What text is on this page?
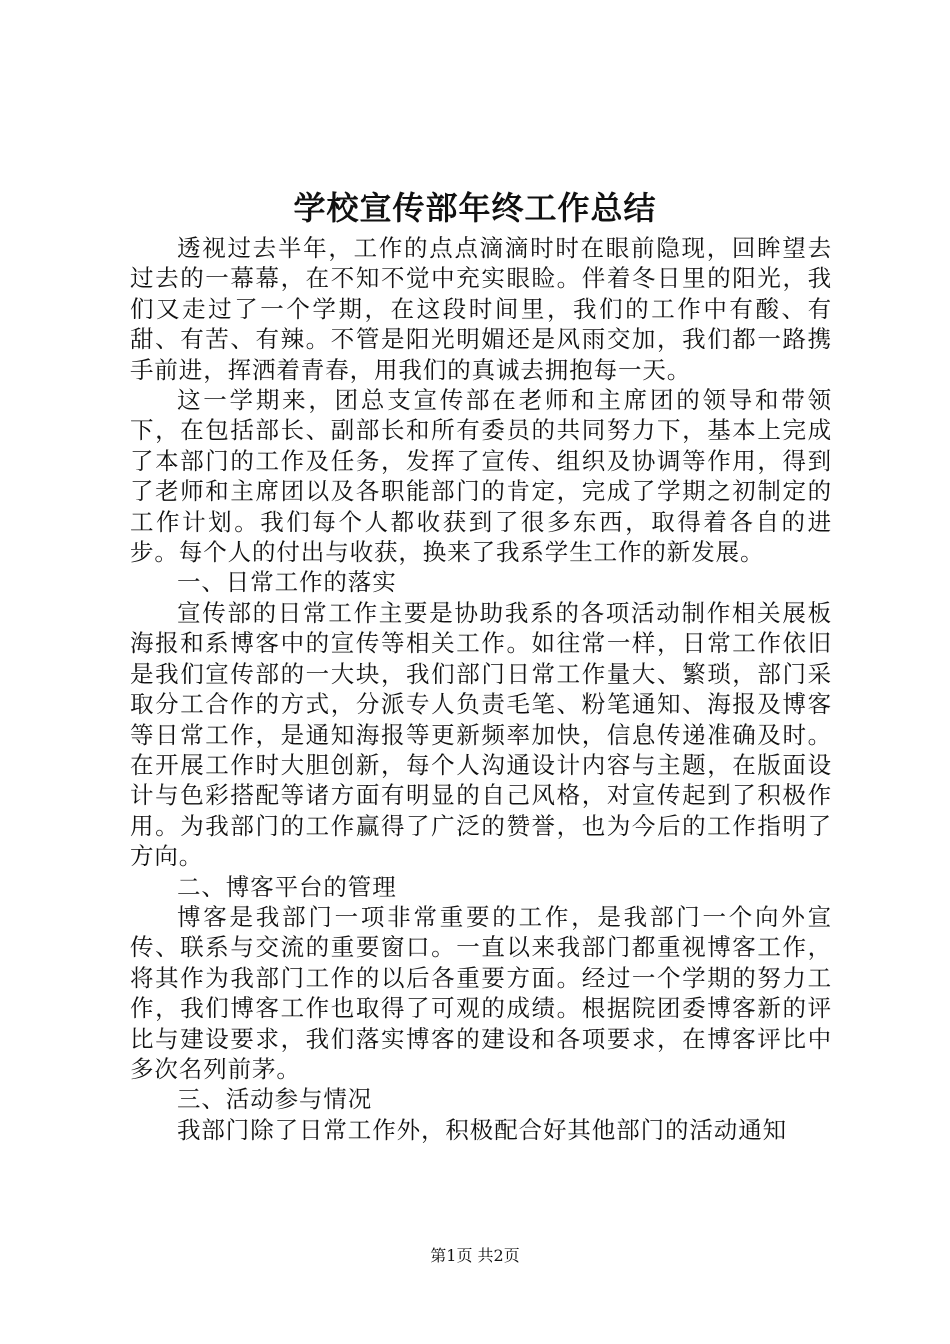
学校宣传部年终工作总结

透视过去半年，工作的点点滴滴时时在眼前隐现，回眸望去过去的一幕幕，在不知不觉中充实眼睑。伴着冬日里的阳光，我们又走过了一个学期，在这段时间里，我们的工作中有酸、有甜、有苦、有辣。不管是阳光明媚还是风雨交加，我们都一路携手前进，挥洒着青春，用我们的真诚去拥抱每一天。

这一学期来，团总支宣传部在老师和主席团的领导和带领下，在包括部长、副部长和所有委员的共同努力下，基本上完成了本部门的工作及任务，发挥了宣传、组织及协调等作用，得到了老师和主席团以及各职能部门的肯定，完成了学期之初制定的工作计划。我们每个人都收获到了很多东西，取得着各自的进步。每个人的付出与收获，换来了我系学生工作的新发展。

一、日常工作的落实

宣传部的日常工作主要是协助我系的各项活动制作相关展板海报和系博客中的宣传等相关工作。如往常一样，日常工作依旧是我们宣传部的一大块，我们部门日常工作量大、繁琐，部门采取分工合作的方式，分派专人负责毛笔、粉笔通知、海报及博客等日常工作，是通知海报等更新频率加快，信息传递准确及时。在开展工作时大胆创新，每个人沟通设计内容与主题，在版面设计与色彩搭配等诸方面有明显的自己风格，对宣传起到了积极作用。为我部门的工作赢得了广泛的赞誉，也为今后的工作指明了方向。

二、博客平台的管理

博客是我部门一项非常重要的工作，是我部门一个向外宣传、联系与交流的重要窗口。一直以来我部门都重视博客工作，将其作为我部门工作的以后各重要方面。经过一个学期的努力工作，我们博客工作也取得了可观的成绩。根据院团委博客新的评比与建设要求，我们落实博客的建设和各项要求，在博客评比中多次名列前茅。

三、活动参与情况

我部门除了日常工作外，积极配合好其他部门的活动通知

第1页 共2页
